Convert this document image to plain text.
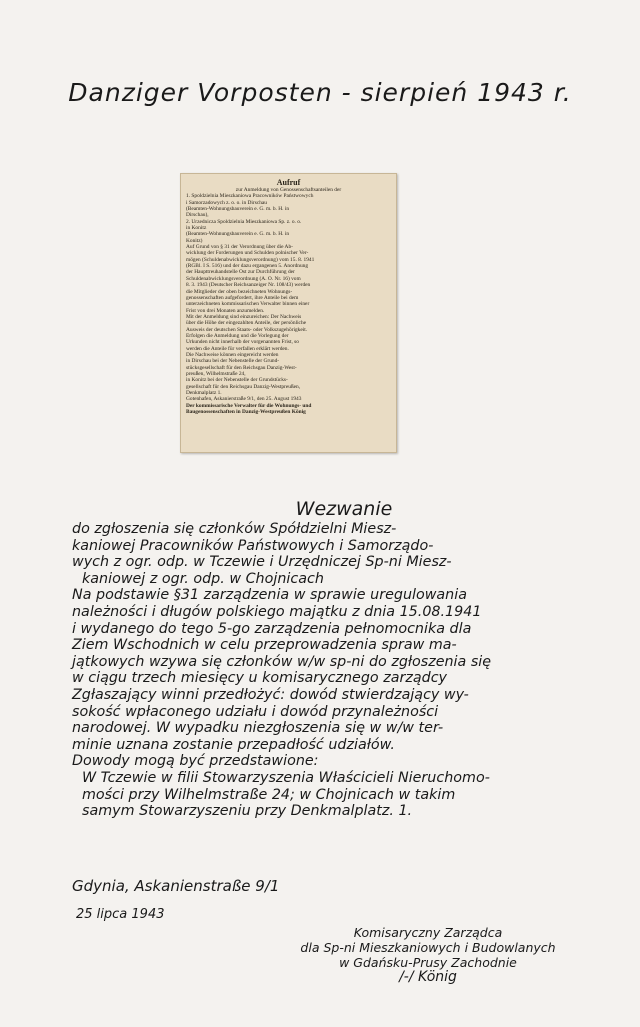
Danziger Vorposten - sierpień 1943 r.
Aufruf
zur Anmeldung von Genossenschaftsanteilen der
1. Spoldzielnia Mieszkaniowa Pracowników Państwowych
i Samorzadowych z. o. o. in Dirschau
(Beamten-Wohnungsbauverein e. G. m. b. H. in
Dirschau),
2. Urzednicza Spoldzielnia Mieszkaniowa Sp. z. o. o.
in Konitz
(Beamten-Wohnungsbauverein e. G. m. b. H. in
Konitz)
Auf Grund von § 31 der Verordnung über die Ab-
wicklung der Forderungen und Schulden polnischer Ver-
mögen (Schuldenabwicklungsverordnung) vom 15. 8. 1941
(RGBl. I S. 516) und der dazu ergangenen 5. Anordnung
der Haupttreuhandstelle Ost zur Durchführung der
Schuldenabwicklungsverordnung (A. O. Nr. 16) vom
8. 3. 1943 (Deutscher Reichsanzeiger Nr. 108/43) werden
die Mitglieder der oben bezeichneten Wohnungs-
genossenschaften aufgefordert, ihre Anteile bei dem
unterzeichneten kommissarischen Verwalter binnen einer
Frist von drei Monaten anzumelden.
Mit der Anmeldung sind einzureichen: Der Nachweis
über die Höhe der eingezahlten Anteile, der persönliche
Ausweis der deutschen Staats- oder Volkszugehörigkeit.
Erfolgen die Anmeldung und die Vorlegung der
Urkunden nicht innerhalb der vorgenannten Frist, so
werden die Anteile für verfallen erklärt werden.
Die Nachweise können eingereicht werden
in Dirschau bei der Nebenstelle der Grund-
stücksgesellschaft für den Reichsgau Danzig-West-
preußen, Wilhelmstraße 24,
in Konitz bei der Nebenstelle der Grundstücks-
gesellschaft für den Reichsgau Danzig-Westpreußen,
Denkmalplatz 1.
Gotenhafen, Askanierstraße 9/1, den 25. August 1943
Der kommissarische Verwalter für die Wohnungs- und
Baugenossenschaften in Danzig-Westpreußen König
Wezwanie
do zgłoszenia się członków Spółdzielni Miesz-
kaniowej Pracowników Państwowych i Samorządo-
wych z ogr. odp. w Tczewie i Urzędniczej Sp-ni Miesz-
kaniowej z ogr. odp. w Chojnicach
Na podstawie §31 zarządzenia w sprawie uregulowania
należności i długów polskiego majątku z dnia 15.08.1941
i wydanego do tego 5-go zarządzenia pełnomocnika dla
Ziem Wschodnich w celu przeprowadzenia spraw ma-
jątkowych wzywa się członków w/w sp-ni do zgłoszenia się
w ciągu trzech miesięcy u komisarycznego zarządcy
Zgłaszający winni przedłożyć: dowód stwierdzający wy-
sokość wpłaconego udziału i dowód przynależności
narodowej. W wypadku niezgłoszenia się w w/w ter-
minie uznana zostanie przepadłość udziałów.
Dowody mogą być przedstawione:
W Tczewie w filii Stowarzyszenia Właścicieli Nieruchomo-
mości przy Wilhelmstraße 24; w Chojnicach w takim
samym Stowarzyszeniu przy Denkmalplatz. 1.
Gdynia, Askanienstraße 9/1
25 lipca 1943
Komisaryczny Zarządca
dla Sp-ni Mieszkaniowych i Budowlanych
w Gdańsku-Prusy Zachodnie
/-/ König
